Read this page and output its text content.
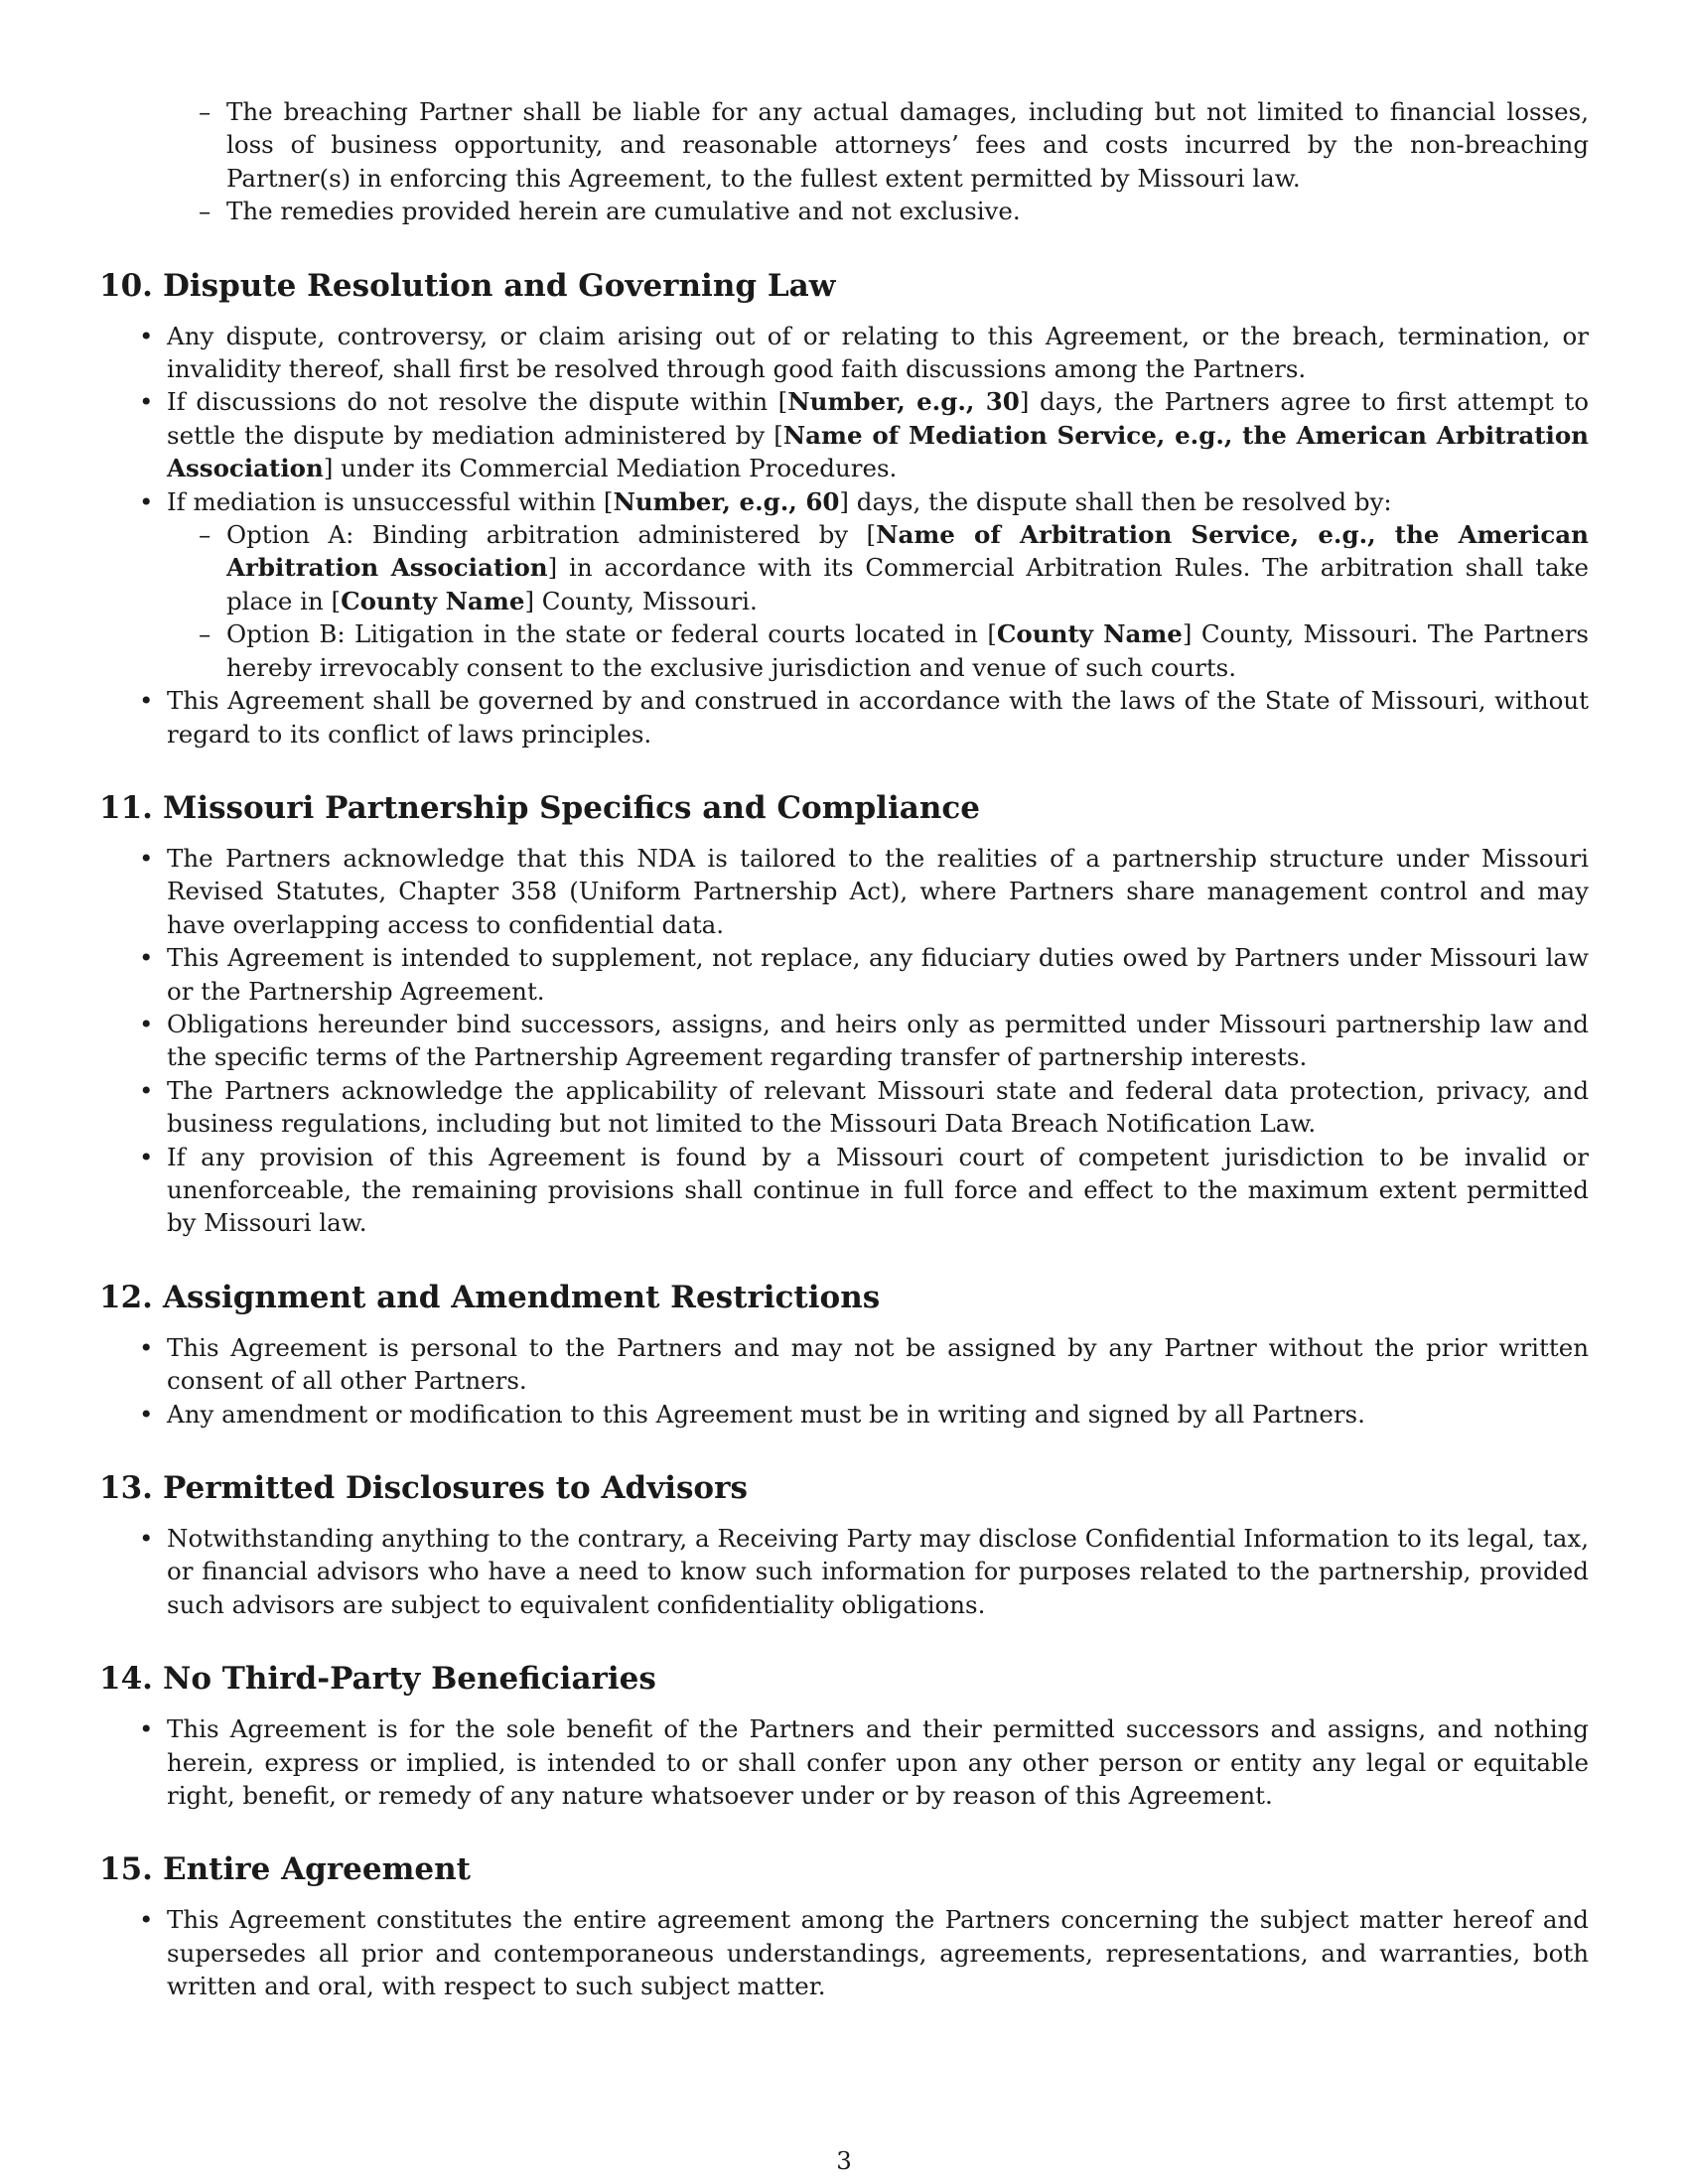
– The breaching Partner shall be liable for any actual damages, including but not limited to financial losses, loss of business opportunity, and reasonable attorneys’ fees and costs incurred by the non-breaching Partner(s) in enforcing this Agreement, to the fullest extent permitted by Missouri law.
– The remedies provided herein are cumulative and not exclusive.
10. Dispute Resolution and Governing Law
• Any dispute, controversy, or claim arising out of or relating to this Agreement, or the breach, termination, or invalidity thereof, shall first be resolved through good faith discussions among the Partners.
• If discussions do not resolve the dispute within [Number, e.g., 30] days, the Partners agree to first attempt to settle the dispute by mediation administered by [Name of Mediation Service, e.g., the American Arbitration Association] under its Commercial Mediation Procedures.
• If mediation is unsuccessful within [Number, e.g., 60] days, the dispute shall then be resolved by:
– Option A: Binding arbitration administered by [Name of Arbitration Service, e.g., the American Arbitration Association] in accordance with its Commercial Arbitration Rules. The arbitration shall take place in [County Name] County, Missouri.
– Option B: Litigation in the state or federal courts located in [County Name] County, Missouri. The Partners hereby irrevocably consent to the exclusive jurisdiction and venue of such courts.
• This Agreement shall be governed by and construed in accordance with the laws of the State of Missouri, without regard to its conflict of laws principles.
11. Missouri Partnership Specifics and Compliance
• The Partners acknowledge that this NDA is tailored to the realities of a partnership structure under Missouri Revised Statutes, Chapter 358 (Uniform Partnership Act), where Partners share management control and may have overlapping access to confidential data.
• This Agreement is intended to supplement, not replace, any fiduciary duties owed by Partners under Missouri law or the Partnership Agreement.
• Obligations hereunder bind successors, assigns, and heirs only as permitted under Missouri partnership law and the specific terms of the Partnership Agreement regarding transfer of partnership interests.
• The Partners acknowledge the applicability of relevant Missouri state and federal data protection, privacy, and business regulations, including but not limited to the Missouri Data Breach Notification Law.
• If any provision of this Agreement is found by a Missouri court of competent jurisdiction to be invalid or unenforceable, the remaining provisions shall continue in full force and effect to the maximum extent permitted by Missouri law.
12. Assignment and Amendment Restrictions
• This Agreement is personal to the Partners and may not be assigned by any Partner without the prior written consent of all other Partners.
• Any amendment or modification to this Agreement must be in writing and signed by all Partners.
13. Permitted Disclosures to Advisors
• Notwithstanding anything to the contrary, a Receiving Party may disclose Confidential Information to its legal, tax, or financial advisors who have a need to know such information for purposes related to the partnership, provided such advisors are subject to equivalent confidentiality obligations.
14. No Third-Party Beneficiaries
• This Agreement is for the sole benefit of the Partners and their permitted successors and assigns, and nothing herein, express or implied, is intended to or shall confer upon any other person or entity any legal or equitable right, benefit, or remedy of any nature whatsoever under or by reason of this Agreement.
15. Entire Agreement
• This Agreement constitutes the entire agreement among the Partners concerning the subject matter hereof and supersedes all prior and contemporaneous understandings, agreements, representations, and warranties, both written and oral, with respect to such subject matter.
3
